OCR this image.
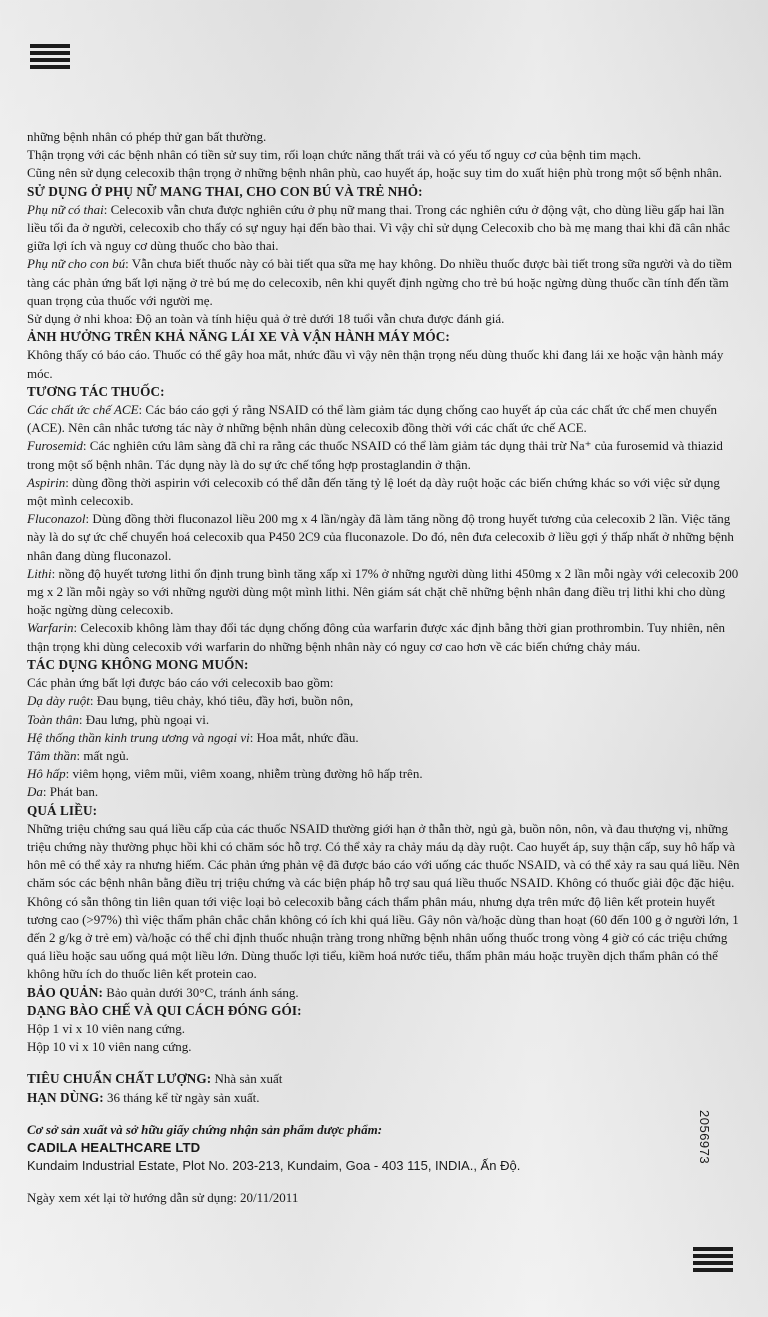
những bệnh nhân có phép thử gan bất thường.

Thận trọng với các bệnh nhân có tiền sử suy tim, rối loạn chức năng thất trái và có yếu tố nguy cơ của bệnh tim mạch.

Cũng nên sử dụng celecoxib thận trọng ở những bệnh nhân phù, cao huyết áp, hoặc suy tim do xuất hiện phù trong một số bệnh nhân.

SỬ DỤNG Ở PHỤ NỮ MANG THAI, CHO CON BÚ VÀ TRẺ NHỎ:

Phụ nữ có thai: Celecoxib vẫn chưa được nghiên cứu ở phụ nữ mang thai. Trong các nghiên cứu ở động vật, cho dùng liều gấp hai lần liều tối đa ở người, celecoxib cho thấy có sự nguy hại đến bào thai. Vì vậy chỉ sử dụng Celecoxib cho bà mẹ mang thai khi đã cân nhắc giữa lợi ích và nguy cơ dùng thuốc cho bào thai.

Phụ nữ cho con bú: Vẫn chưa biết thuốc này có bài tiết qua sữa mẹ hay không. Do nhiều thuốc được bài tiết trong sữa người và do tiềm tàng các phản ứng bất lợi nặng ở trẻ bú mẹ do celecoxib, nên khi quyết định ngừng cho trẻ bú hoặc ngừng dùng thuốc cần tính đến tầm quan trọng của thuốc với người mẹ.

Sử dụng ở nhi khoa: Độ an toàn và tính hiệu quả ở trẻ dưới 18 tuổi vẫn chưa được đánh giá.

ẢNH HƯỞNG TRÊN KHẢ NĂNG LÁI XE VÀ VẬN HÀNH MÁY MÓC:

Không thấy có báo cáo. Thuốc có thể gây hoa mắt, nhức đầu vì vậy nên thận trọng nếu dùng thuốc khi đang lái xe hoặc vận hành máy móc.

TƯƠNG TÁC THUỐC:

Các chất ức chế ACE: Các báo cáo gợi ý rằng NSAID có thể làm giảm tác dụng chống cao huyết áp của các chất ức chế men chuyển (ACE). Nên cân nhắc tương tác này ở những bệnh nhân dùng celecoxib đồng thời với các chất ức chế ACE.

Furosemid: Các nghiên cứu lâm sàng đã chỉ ra rằng các thuốc NSAID có thể làm giảm tác dụng thải trừ Na⁺ của furosemid và thiazid trong một số bệnh nhân. Tác dụng này là do sự ức chế tổng hợp prostaglandin ở thận.

Aspirin: dùng đồng thời aspirin với celecoxib có thể dẫn đến tăng tỷ lệ loét dạ dày ruột hoặc các biến chứng khác so với việc sử dụng một mình celecoxib.

Fluconazol: Dùng đồng thời fluconazol liều 200 mg x 4 lần/ngày đã làm tăng nồng độ trong huyết tương của celecoxib 2 lần. Việc tăng này là do sự ức chế chuyển hoá celecoxib qua P450 2C9 của fluconazole. Do đó, nên đưa celecoxib ở liều gợi ý thấp nhất ở những bệnh nhân đang dùng fluconazol.

Lithi: nồng độ huyết tương lithi ổn định trung bình tăng xấp xỉ 17% ở những người dùng lithi 450mg x 2 lần mỗi ngày với celecoxib 200 mg x 2 lần mỗi ngày so với những người dùng một mình lithi. Nên giám sát chặt chẽ những bệnh nhân đang điều trị lithi khi cho dùng hoặc ngừng dùng celecoxib.

Warfarin: Celecoxib không làm thay đổi tác dụng chống đông của warfarin được xác định bằng thời gian prothrombin. Tuy nhiên, nên thận trọng khi dùng celecoxib với warfarin do những bệnh nhân này có nguy cơ cao hơn về các biến chứng chảy máu.

TÁC DỤNG KHÔNG MONG MUỐN:

Các phản ứng bất lợi được báo cáo với celecoxib bao gồm:

Dạ dày ruột: Đau bụng, tiêu chảy, khó tiêu, đầy hơi, buồn nôn,

Toàn thân: Đau lưng, phù ngoại vi.

Hệ thống thần kinh trung ương và ngoại vi: Hoa mắt, nhức đầu.

Tâm thần: mất ngủ.

Hô hấp: viêm họng, viêm mũi, viêm xoang, nhiễm trùng đường hô hấp trên.

Da: Phát ban.

QUÁ LIỀU:

Những triệu chứng sau quá liều cấp của các thuốc NSAID thường giới hạn ở thẫn thờ, ngủ gà, buồn nôn, nôn, và đau thượng vị, những triệu chứng này thường phục hồi khi có chăm sóc hỗ trợ. Có thể xảy ra chảy máu dạ dày ruột. Cao huyết áp, suy thận cấp, suy hô hấp và hôn mê có thể xảy ra nhưng hiếm. Các phản ứng phản vệ đã được báo cáo với uống các thuốc NSAID, và có thể xảy ra sau quá liều. Nên chăm sóc các bệnh nhân bằng điều trị triệu chứng và các biện pháp hỗ trợ sau quá liều thuốc NSAID. Không có thuốc giải độc đặc hiệu. Không có sẵn thông tin liên quan tới việc loại bỏ celecoxib bằng cách thẩm phân máu, nhưng dựa trên mức độ liên kết protein huyết tương cao (>97%) thì việc thẩm phân chắc chắn không có ích khi quá liều. Gây nôn và/hoặc dùng than hoạt (60 đến 100 g ở người lớn, 1 đến 2 g/kg ở trẻ em) và/hoặc có thể chỉ định thuốc nhuận tràng trong những bệnh nhân uống thuốc trong vòng 4 giờ có các triệu chứng quá liều hoặc sau uống quá một liều lớn. Dùng thuốc lợi tiểu, kiềm hoá nước tiểu, thẩm phân máu hoặc truyền dịch thẩm phân có thể không hữu ích do thuốc liên kết protein cao.

BẢO QUẢN: Bảo quản dưới 30°C, tránh ánh sáng.

DẠNG BÀO CHẾ VÀ QUI CÁCH ĐÓNG GÓI:

Hộp 1 vỉ x 10 viên nang cứng.

Hộp 10 vỉ x 10 viên nang cứng.

TIÊU CHUẨN CHẤT LƯỢNG: Nhà sản xuất

HẠN DÙNG: 36 tháng kể từ ngày sản xuất.

Cơ sở sản xuất và sở hữu giấy chứng nhận sản phẩm dược phẩm:

CADILA HEALTHCARE LTD

Kundaim Industrial Estate, Plot No. 203-213, Kundaim, Goa - 403 115, INDIA., Ấn Độ.

Ngày xem xét lại tờ hướng dẫn sử dụng: 20/11/2011

2056973
